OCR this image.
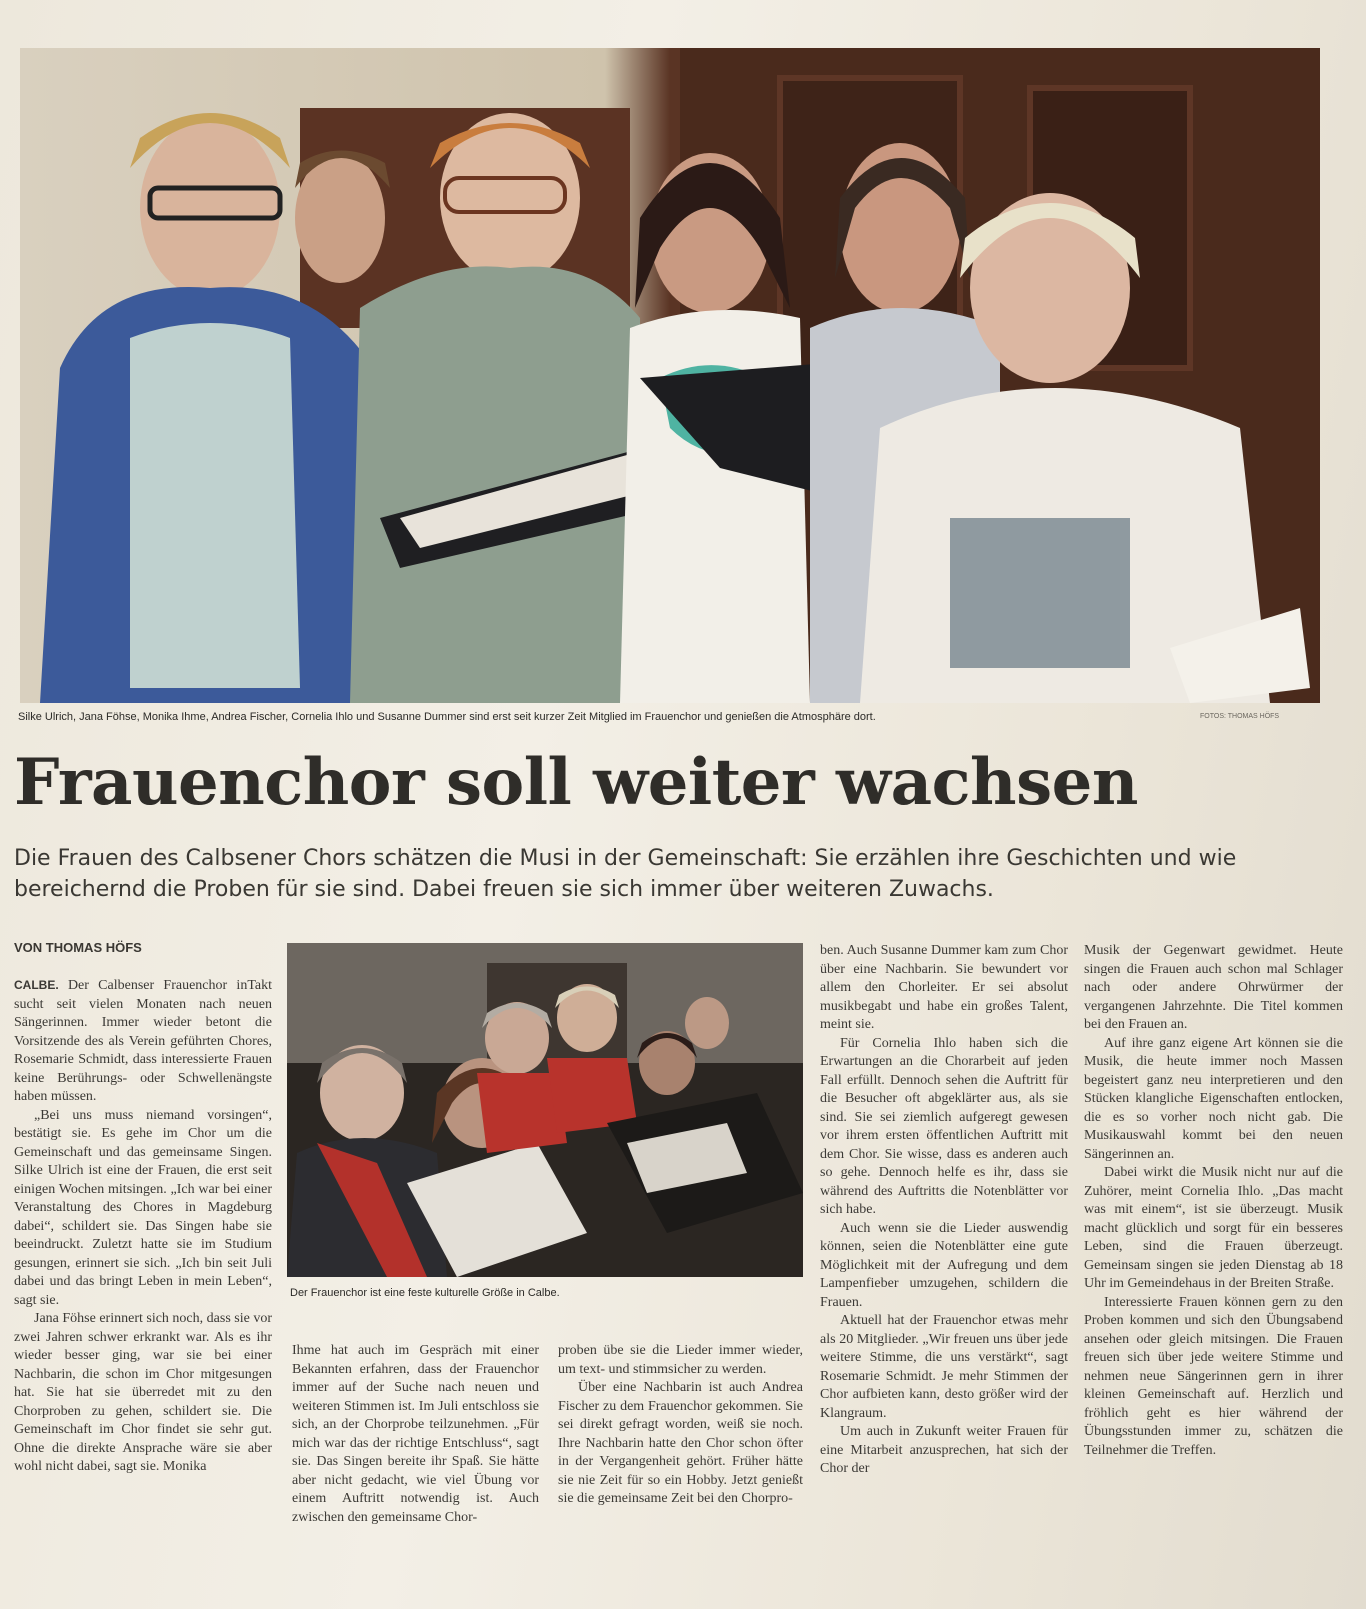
Silke Ulrich, Jana Föhse, Monika Ihme, Andrea Fischer, Cornelia Ihlo und Susanne Dummer sind erst seit kurzer Zeit Mitglied im Frauenchor und genießen die Atmosphäre dort.	FOTOS: THOMAS HÖFS
Frauenchor soll weiter wachsen
Die Frauen des Calbsener Chors schätzen die Musi in der Gemeinschaft: Sie erzählen ihre Geschichten und wie bereichernd die Proben für sie sind. Dabei freuen sie sich immer über weiteren Zuwachs.
VON THOMAS HÖFS

CALBE. Der Calbenser Frauenchor inTakt sucht seit vielen Monaten nach neuen Sängerinnen. Immer wieder betont die Vorsitzende des als Verein geführten Chores, Rosemarie Schmidt, dass interessierte Frauen keine Berührungs- oder Schwellenängste haben müssen.

„Bei uns muss niemand vorsingen“, bestätigt sie. Es gehe im Chor um die Gemeinschaft und das gemeinsame Singen. Silke Ulrich ist eine der Frauen, die erst seit einigen Wochen mitsingen. „Ich war bei einer Veranstaltung des Chores in Magdeburg dabei“, schildert sie. Das Singen habe sie beeindruckt. Zuletzt hatte sie im Studium gesungen, erinnert sie sich. „Ich bin seit Juli dabei und das bringt Leben in mein Leben“, sagt sie.

Jana Föhse erinnert sich noch, dass sie vor zwei Jahren schwer erkrankt war. Als es ihr wieder besser ging, war sie bei einer Nachbarin, die schon im Chor mitgesungen hat. Sie hat sie überredet mit zu den Chorproben zu gehen, schildert sie. Die Gemeinschaft im Chor findet sie sehr gut. Ohne die direkte Ansprache wäre sie aber wohl nicht dabei, sagt sie. Monika

Der Frauenchor ist eine feste kulturelle Größe in Calbe.

Ihme hat auch im Gespräch mit einer Bekannten erfahren, dass der Frauenchor immer auf der Suche nach neuen und weiteren Stimmen ist. Im Juli entschloss sie sich, an der Chorprobe teilzunehmen. „Für mich war das der richtige Entschluss“, sagt sie. Das Singen bereite ihr Spaß. Sie hätte aber nicht gedacht, wie viel Übung vor einem Auftritt notwendig ist. Auch zwischen den gemeinsame Chor-

proben übe sie die Lieder immer wieder, um text- und stimmsicher zu werden.

Über eine Nachbarin ist auch Andrea Fischer zu dem Frauenchor gekommen. Sie sei direkt gefragt worden, weiß sie noch. Ihre Nachbarin hatte den Chor schon öfter in der Vergangenheit gehört. Früher hätte sie nie Zeit für so ein Hobby. Jetzt genießt sie die gemeinsame Zeit bei den Chorpro-

ben. Auch Susanne Dummer kam zum Chor über eine Nachbarin. Sie bewundert vor allem den Chorleiter. Er sei absolut musikbegabt und habe ein großes Talent, meint sie.

Für Cornelia Ihlo haben sich die Erwartungen an die Chorarbeit auf jeden Fall erfüllt. Dennoch sehen die Auftritt für die Besucher oft abgeklärter aus, als sie sind. Sie sei ziemlich aufgeregt gewesen vor ihrem ersten öffentlichen Auftritt mit dem Chor. Sie wisse, dass es anderen auch so gehe. Dennoch helfe es ihr, dass sie während des Auftritts die Notenblätter vor sich habe.

Auch wenn sie die Lieder auswendig können, seien die Notenblätter eine gute Möglichkeit mit der Aufregung und dem Lampenfieber umzugehen, schildern die Frauen.

Aktuell hat der Frauenchor etwas mehr als 20 Mitglieder. „Wir freuen uns über jede weitere Stimme, die uns verstärkt“, sagt Rosemarie Schmidt. Je mehr Stimmen der Chor aufbieten kann, desto größer wird der Klangraum.

Um auch in Zukunft weiter Frauen für eine Mitarbeit anzusprechen, hat sich der Chor der

Musik der Gegenwart gewidmet. Heute singen die Frauen auch schon mal Schlager nach oder andere Ohrwürmer der vergangenen Jahrzehnte. Die Titel kommen bei den Frauen an.

Auf ihre ganz eigene Art können sie die Musik, die heute immer noch Massen begeistert ganz neu interpretieren und den Stücken klangliche Eigenschaften entlocken, die es so vorher noch nicht gab. Die Musikauswahl kommt bei den neuen Sängerinnen an.

Dabei wirkt die Musik nicht nur auf die Zuhörer, meint Cornelia Ihlo. „Das macht was mit einem“, ist sie überzeugt. Musik macht glücklich und sorgt für ein besseres Leben, sind die Frauen überzeugt. Gemeinsam singen sie jeden Dienstag ab 18 Uhr im Gemeindehaus in der Breiten Straße.

Interessierte Frauen können gern zu den Proben kommen und sich den Übungsabend ansehen oder gleich mitsingen. Die Frauen freuen sich über jede weitere Stimme und nehmen neue Sängerinnen gern in ihrer kleinen Gemeinschaft auf. Herzlich und fröhlich geht es hier während der Übungsstunden immer zu, schätzen die Teilnehmer die Treffen.
